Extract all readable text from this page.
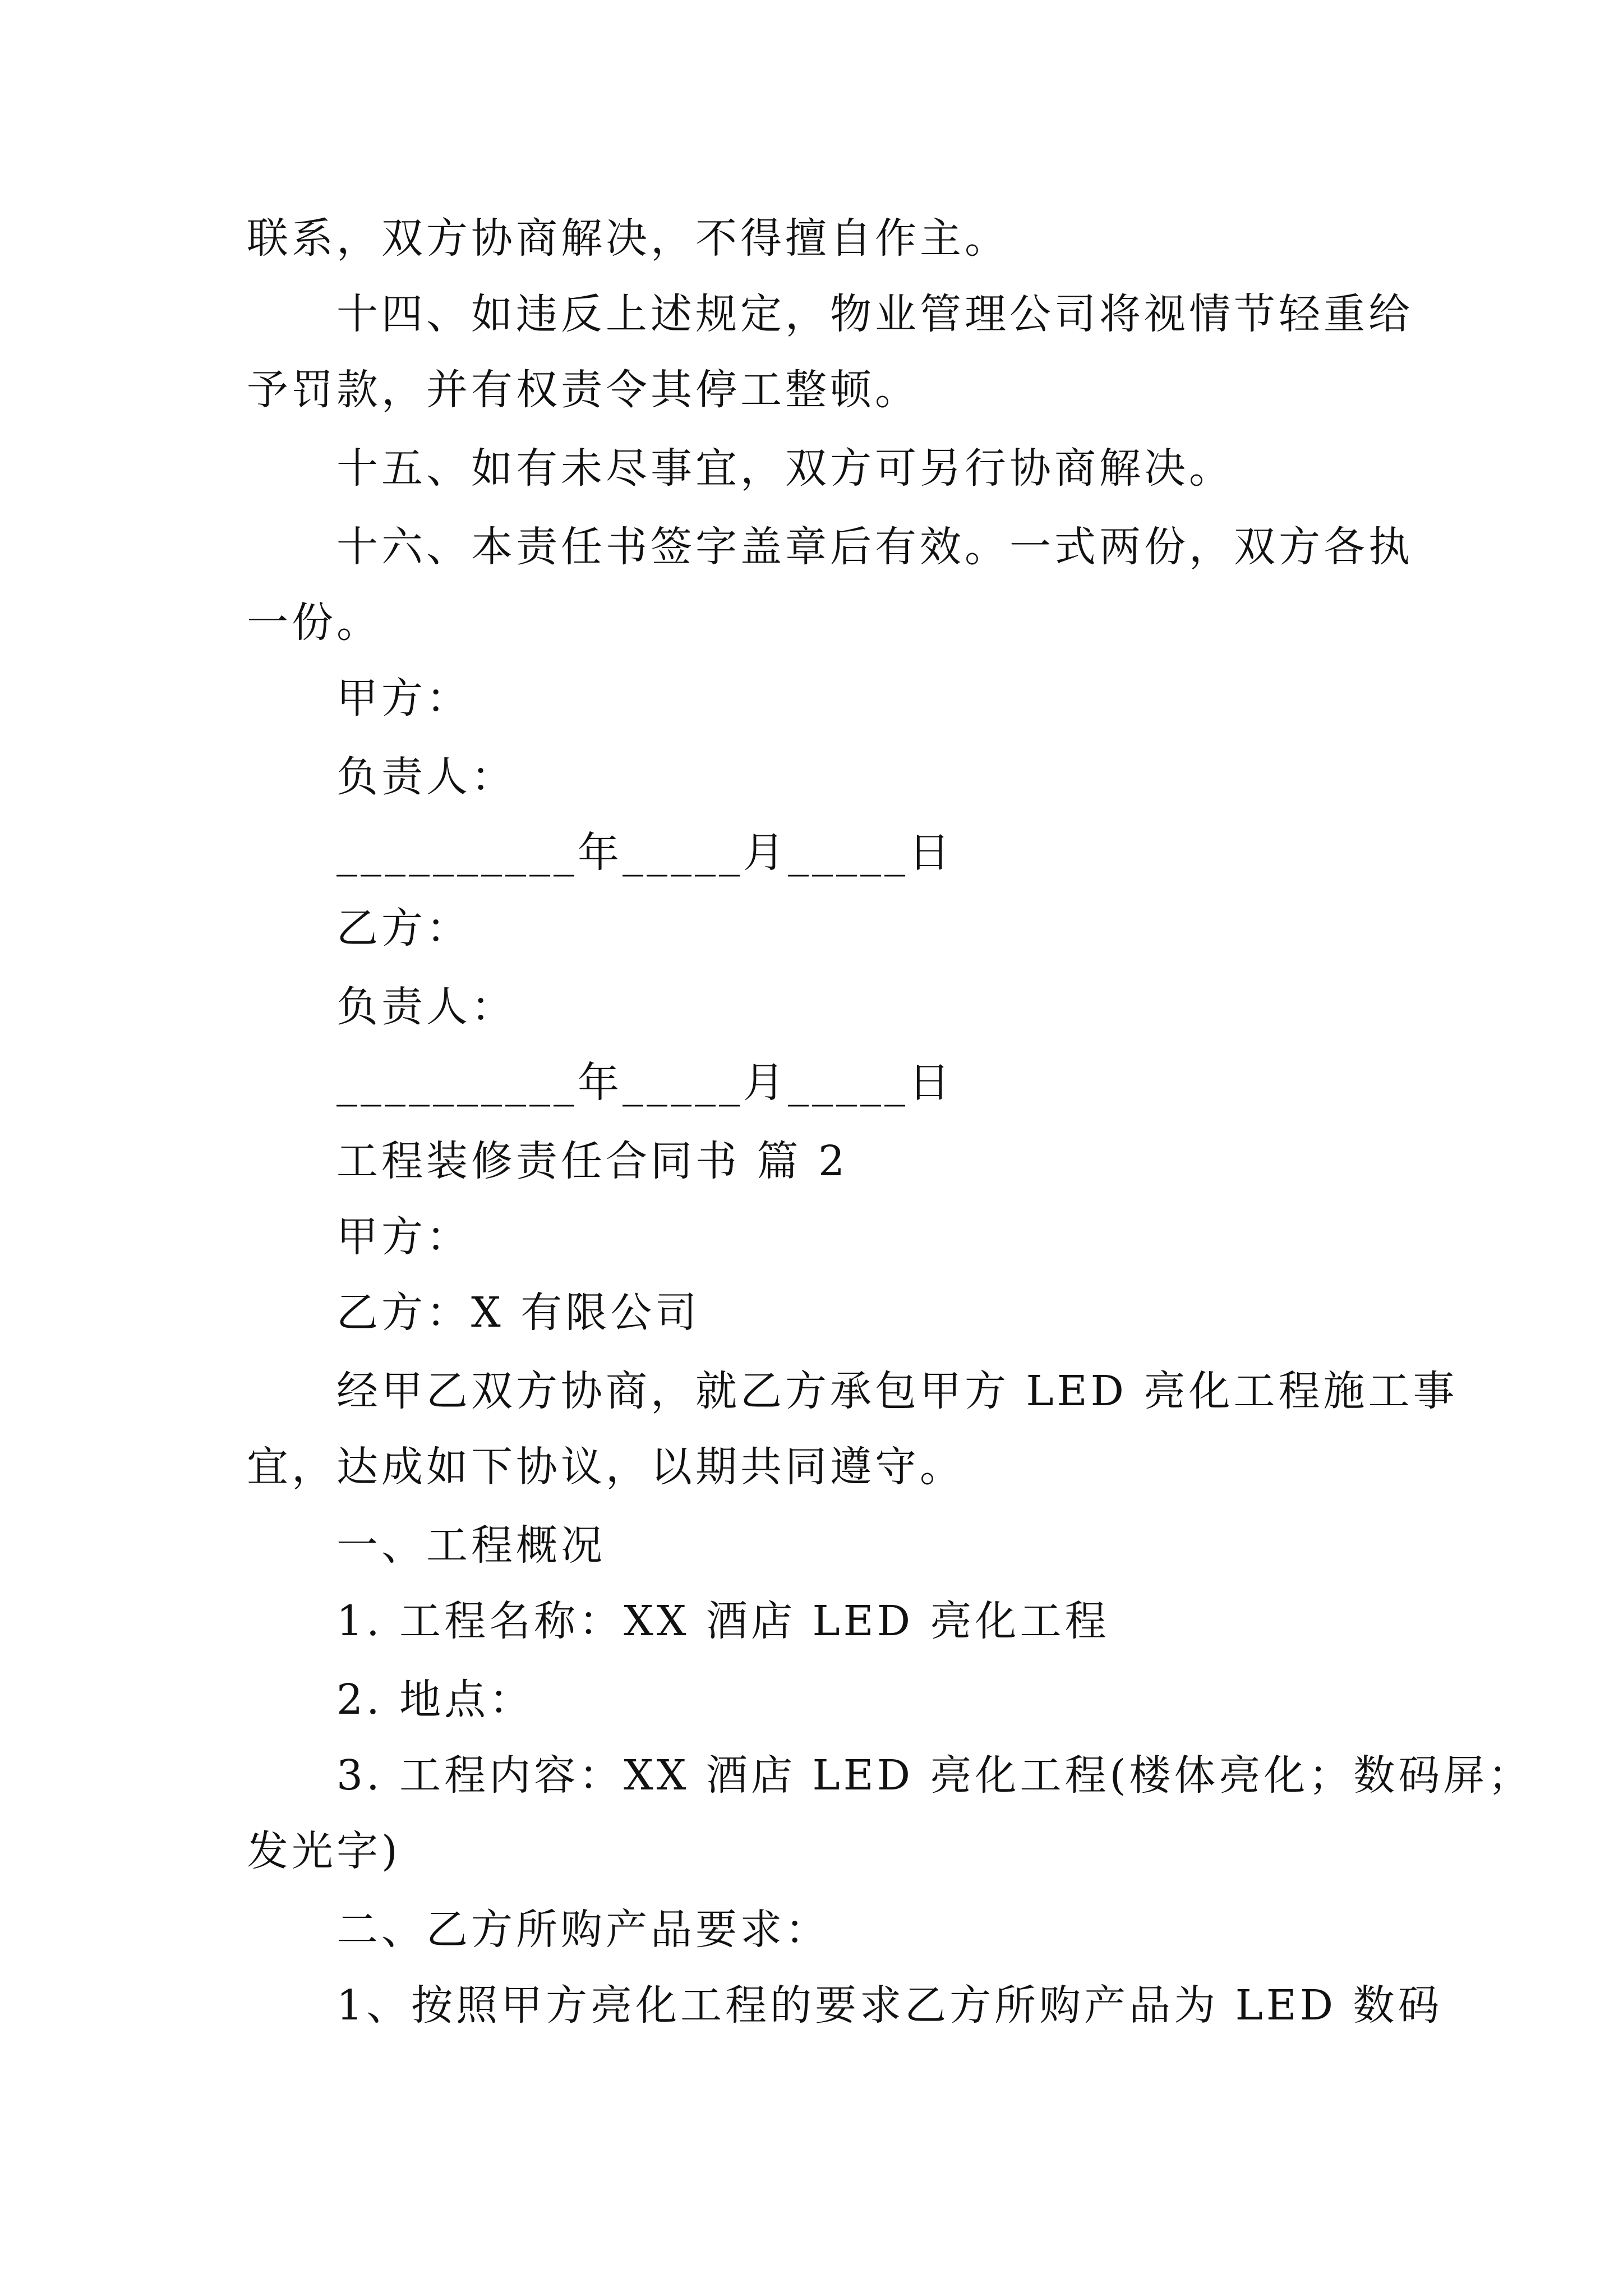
联系，双方协商解决，不得擅自作主。
十四、如违反上述规定，物业管理公司将视情节轻重给
予罚款，并有权责令其停工整顿。
十五、如有未尽事宜，双方可另行协商解决。
十六、本责任书签字盖章后有效。一式两份，双方各执
一份。
甲方：
负责人：
__________年_____月_____日
乙方：
负责人：
__________年_____月_____日
工程装修责任合同书 篇 2
甲方：
乙方：X 有限公司
经甲乙双方协商，就乙方承包甲方 LED 亮化工程施工事
宜，达成如下协议，以期共同遵守。
一、工程概况
1. 工程名称：XX 酒店 LED 亮化工程
2. 地点：
3. 工程内容：XX 酒店 LED 亮化工程(楼体亮化；数码屏；
发光字)
二、乙方所购产品要求：
1、按照甲方亮化工程的要求乙方所购产品为 LED 数码
